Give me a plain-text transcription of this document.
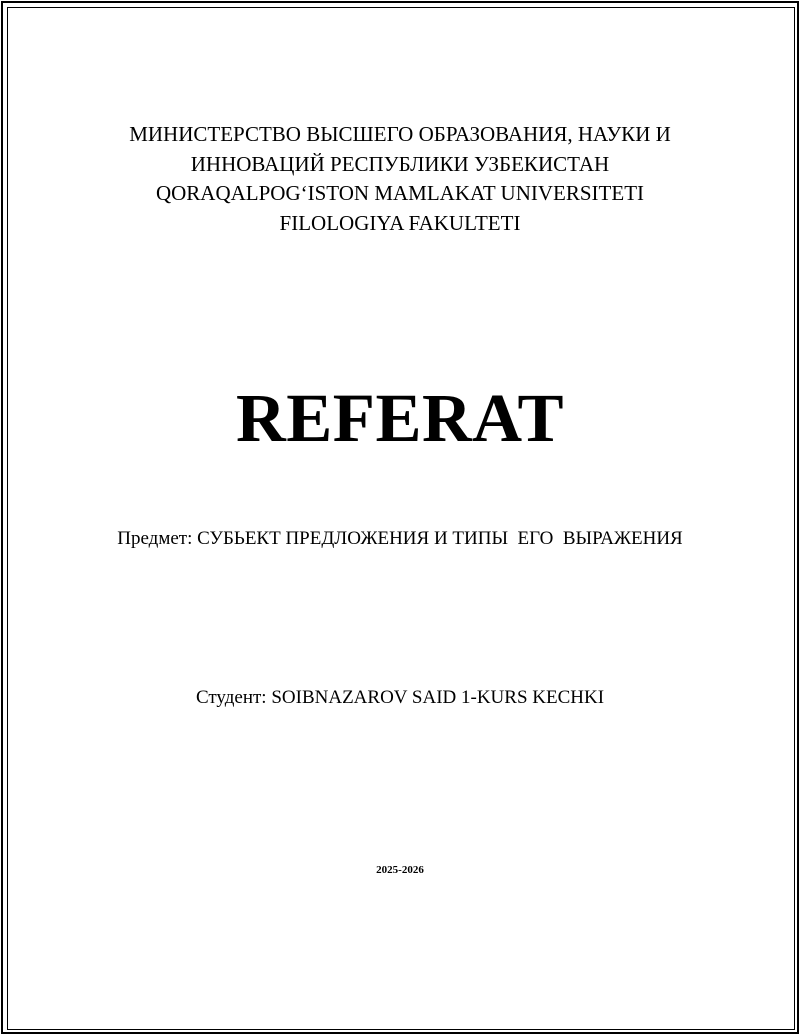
МИНИСТЕРСТВО ВЫСШЕГО ОБРАЗОВАНИЯ, НАУКИ И
ИННОВАЦИЙ РЕСПУБЛИКИ УЗБЕКИСТАН
QORAQALPOG‘ISTON MAMLAKAT UNIVERSITETI
FILOLOGIYA FAKULTETI
REFERAT
Предмет: СУБЬЕКТ ПРЕДЛОЖЕНИЯ И ТИПЫ  ЕГО  ВЫРАЖЕНИЯ
Студент: SOIBNAZAROV SAID 1-KURS KECHKI
2025-2026
